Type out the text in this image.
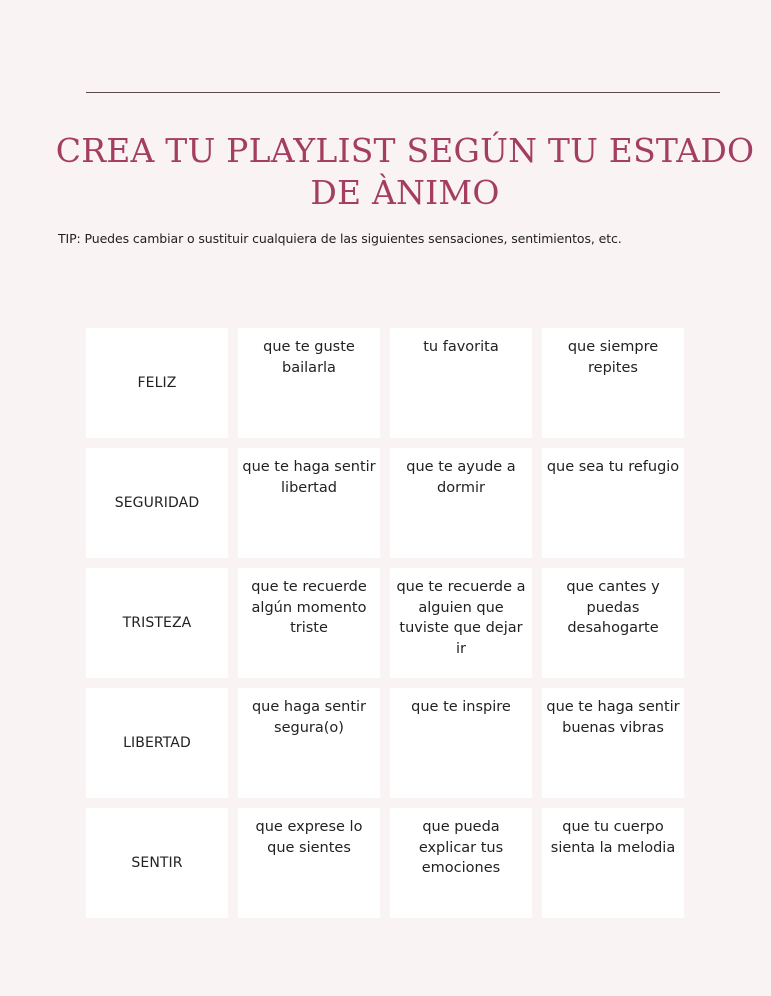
CREA TU PLAYLIST SEGÚN TU ESTADO DE ÀNIMO
TIP: Puedes cambiar o sustituir cualquiera de las siguientes sensaciones, sentimientos, etc.
FELIZ
que te guste bailarla
tu favorita	que siempre repites
SEGURIDAD
que te haga sentir libertad
que te ayude a dormir
que sea tu refugio
TRISTEZA
que te recuerde algún momento triste
que te recuerde a alguien que tuviste que dejar ir
que cantes y puedas desahogarte
LIBERTAD
que haga sentir segura(o)
que te inspire	que te haga sentir buenas vibras
SENTIR
que exprese lo que sientes
que pueda explicar tus emociones
que tu cuerpo sienta la melodia
